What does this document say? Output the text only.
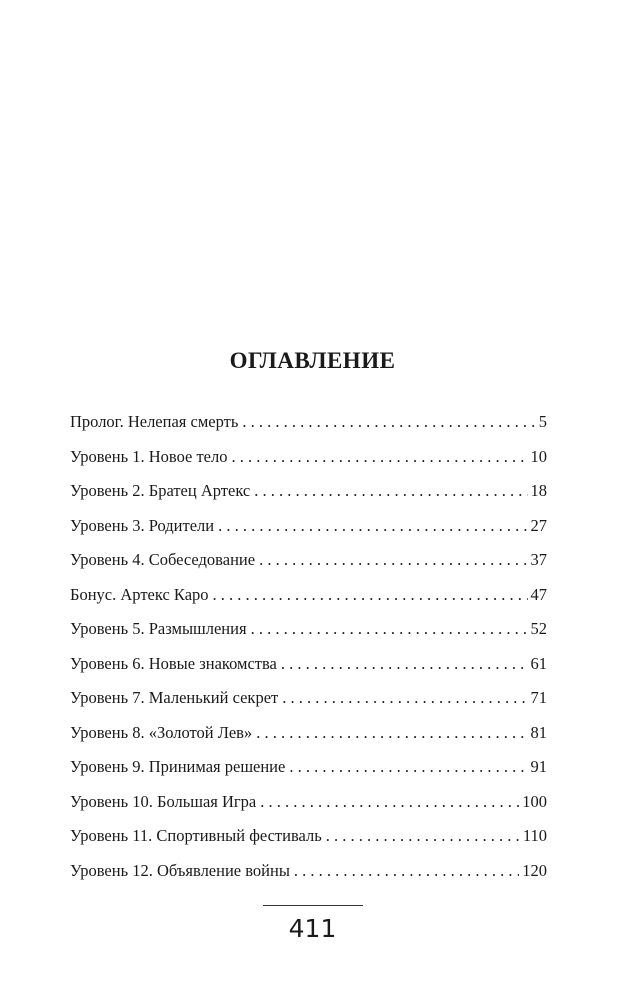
ОГЛАВЛЕНИЕ
Пролог. Нелепая смерть . . .	5
Уровень 1. Новое тело . . .	10
Уровень 2. Братец Артекс . . .	18
Уровень 3. Родители . . .	27
Уровень 4. Собеседование . . .	37
Бонус. Артекс Каро . . .	47
Уровень 5. Размышления . . .	52
Уровень 6. Новые знакомства . . .	61
Уровень 7. Маленький секрет . . .	71
Уровень 8. «Золотой Лев» . . .	81
Уровень 9. Принимая решение . . .	91
Уровень 10. Большая Игра . . .	100
Уровень 11. Спортивный фестиваль . . .	110
Уровень 12. Объявление войны . . .	120
411
